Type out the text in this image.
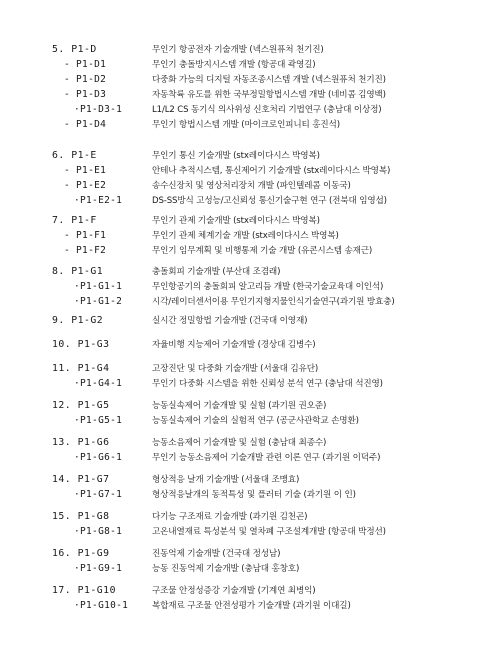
5. P1-D	무인기 항공전자 기술개발 (넥스원퓨처 천기진)
- P1-D1	무인기 충돌방지시스템 개발 (항공대 곽영길)
- P1-D2	다중화 가능의 디지털 자동조종시스템 개발 (넥스원퓨처 천기진)
- P1-D3	자동착륙 유도를 위한 국부정밀항법시스템 개발 (네비콤 김영백)
·P1-D3-1	L1/L2 CS 동기식 의사위성 신호처리 기법연구 (충남대 이상정)
- P1-D4	무인기 항법시스템 개발 (마이크로인피니티 홍진석)
6. P1-E	무인기 통신 기술개발 (stx레이다시스 박영복)
- P1-E1	안테나 추적시스템, 통신제어기 기술개발 (stx레이다시스 박영복)
- P1-E2	송수신장치 및 영상처리장치 개발 (파인텔레콤 이동국)
·P1-E2-1	DS-SS방식 고성능/고신뢰성 통신기술구현 연구 (전북대 임영섭)
7. P1-F	무인기 관제 기술개발 (stx레이다시스 박영복)
- P1-F1	무인기 관제 체계기술 개발 (stx레이다시스 박영복)
- P1-F2	무인기 임무계획 및 비행통제 기술 개발 (유콘시스템 송재근)
8. P1-G1	충돌회피 기술개발 (부산대 조겸래)
·P1-G1-1	무인항공기의 충돌회피 알고리듬 개발 (한국기술교육대 이인석)
·P1-G1-2	시각/레이더센서이용 무인기지형지물인식기술연구(과기원 방효충)
9. P1-G2	실시간 정밀항법 기술개발 (건국대 이영재)
10. P1-G3	자율비행 지능제어 기술개발 (경상대 김병수)
11. P1-G4	고장진단 및 다중화 기술개발 (서울대 김유단)
·P1-G4-1	무인기 다중화 시스템을 위한 신뢰성 분석 연구 (충남대 석진영)
12. P1-G5	능동실속제어 기술개발 및 실험 (과기원 권오준)
·P1-G5-1	능동실속제어 기술의 실험적 연구 (공군사관학교 손명환)
13. P1-G6	능동소음제어 기술개발 및 실험 (충남대 최종수)
·P1-G6-1	무인기 능동소음제어 기술개발 관련 이론 연구 (과기원 이덕주)
14. P1-G7	형상적응 날개 기술개발 (서울대 조맹효)
·P1-G7-1	형상적응날개의 동적특성 및 플러터 기술 (과기원 이 인)
15. P1-G8	다기능 구조재료 기술개발 (과기원 김천곤)
·P1-G8-1	고온내열재료 특성분석 및 열차폐 구조설계개발 (항공대 박정선)
16. P1-G9	진동억제 기술개발 (건국대 정성남)
·P1-G9-1	능동 진동억제 기술개발 (충남대 홍창호)
17. P1-G10	구조물 안정성증강 기술개발 (기계연 최병익)
·P1-G10-1	복합재료 구조물 안전성평가 기술개발 (과기원 이대길)
